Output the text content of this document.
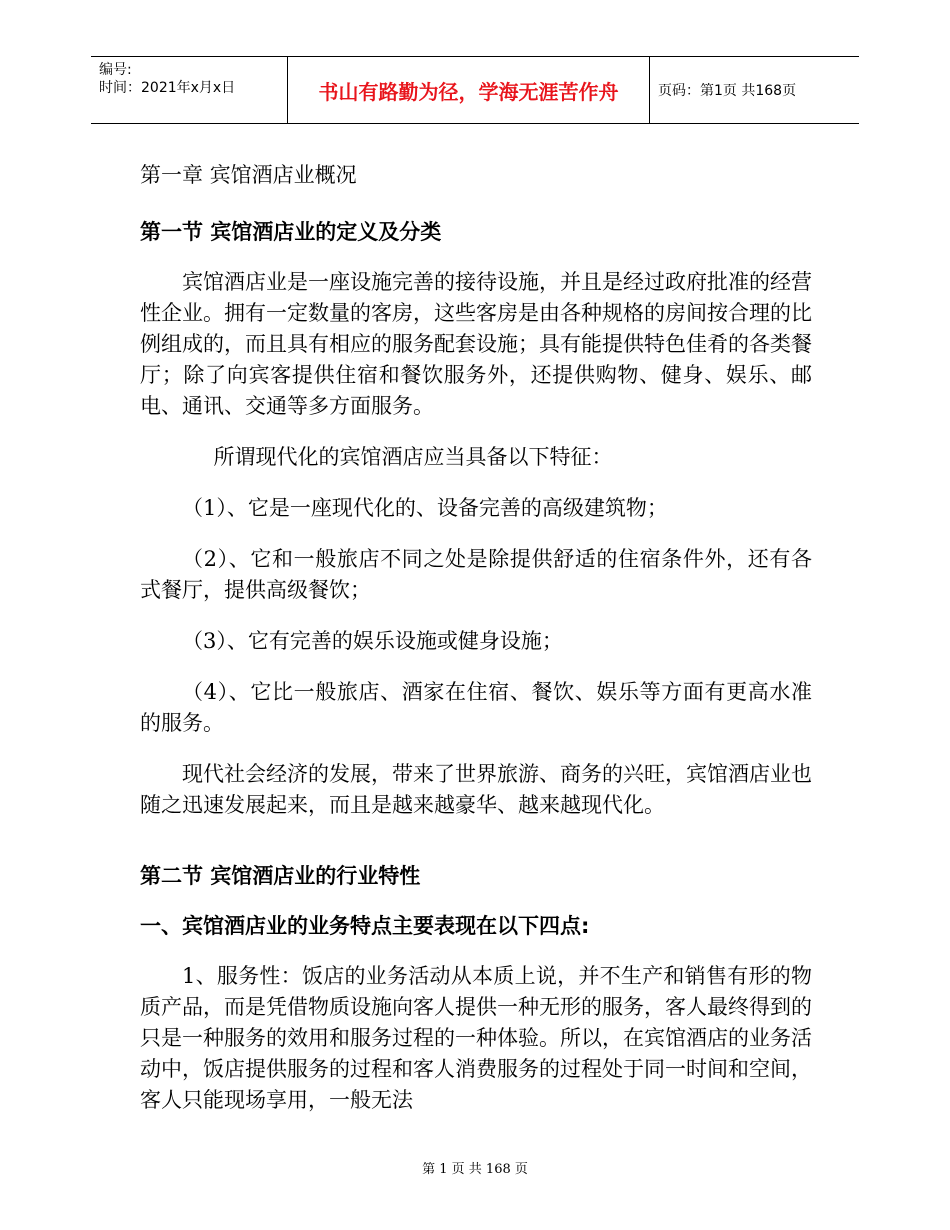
编号:
时间：2021年x月x日	书山有路勤为径，学海无涯苦作舟	页码：第1页 共168页
第一章 宾馆酒店业概况
第一节 宾馆酒店业的定义及分类

宾馆酒店业是一座设施完善的接待设施，并且是经过政府批准的经营性企业。拥有一定数量的客房，这些客房是由各种规格的房间按合理的比例组成的，而且具有相应的服务配套设施；具有能提供特色佳肴的各类餐厅；除了向宾客提供住宿和餐饮服务外，还提供购物、健身、娱乐、邮电、通讯、交通等多方面服务。

所谓现代化的宾馆酒店应当具备以下特征：

（1）、它是一座现代化的、设备完善的高级建筑物；

（2）、它和一般旅店不同之处是除提供舒适的住宿条件外，还有各式餐厅，提供高级餐饮；

（3）、它有完善的娱乐设施或健身设施；

（4）、它比一般旅店、酒家在住宿、餐饮、娱乐等方面有更高水准的服务。

现代社会经济的发展，带来了世界旅游、商务的兴旺，宾馆酒店业也随之迅速发展起来，而且是越来越豪华、越来越现代化。

第二节 宾馆酒店业的行业特性
一、宾馆酒店业的业务特点主要表现在以下四点:

1、服务性：饭店的业务活动从本质上说，并不生产和销售有形的物质产品，而是凭借物质设施向客人提供一种无形的服务，客人最终得到的只是一种服务的效用和服务过程的一种体验。所以，在宾馆酒店的业务活动中，饭店提供服务的过程和客人消费服务的过程处于同一时间和空间，客人只能现场享用，一般无法

第 1 页 共 168 页
